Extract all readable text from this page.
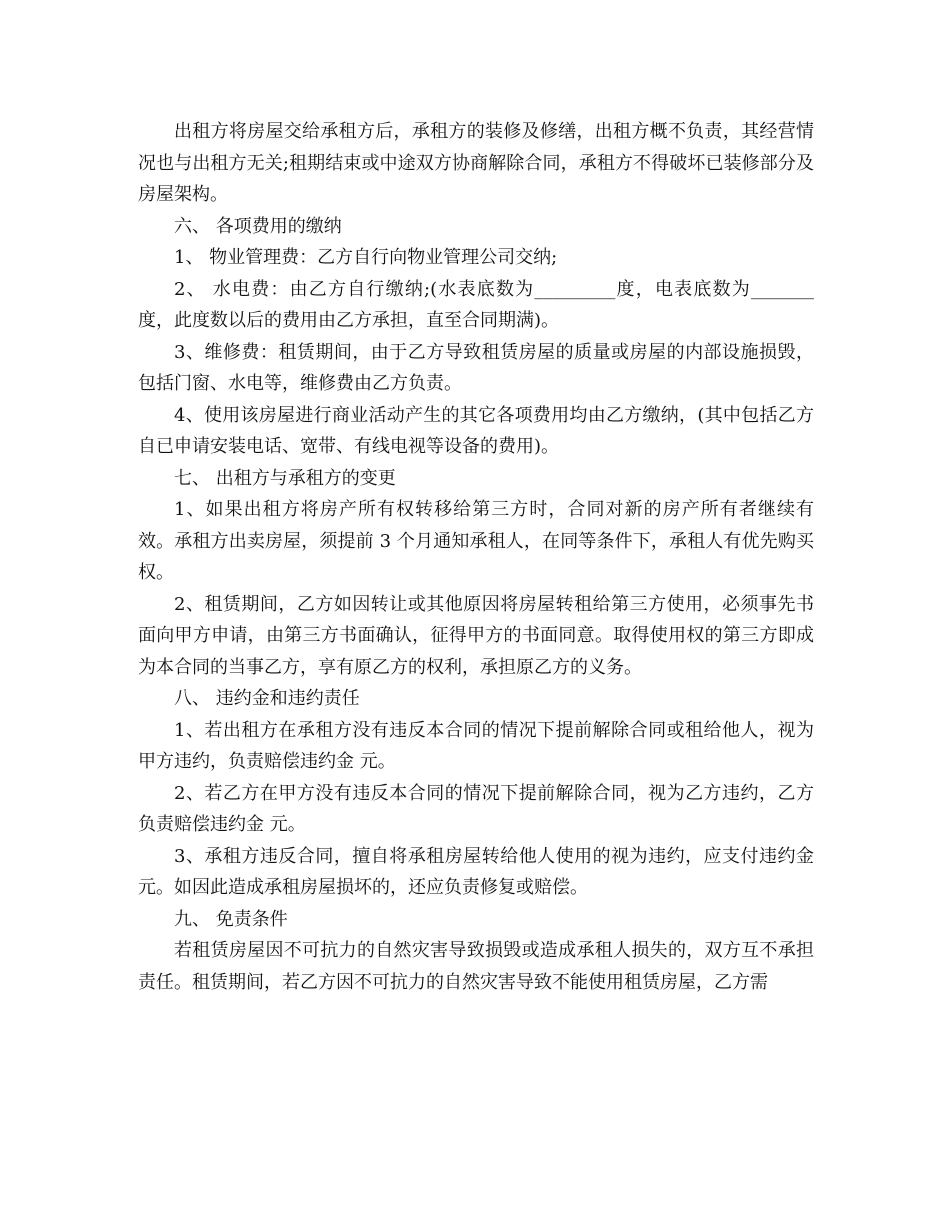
出租方将房屋交给承租方后，承租方的装修及修缮，出租方概不负责，其经营情况也与出租方无关;租期结束或中途双方协商解除合同，承租方不得破坏已装修部分及房屋架构。

六、 各项费用的缴纳

1、 物业管理费：乙方自行向物业管理公司交纳;

2、 水电费：由乙方自行缴纳;(水表底数为_________度，电表底数为_______度，此度数以后的费用由乙方承担，直至合同期满)。

3、维修费：租赁期间，由于乙方导致租赁房屋的质量或房屋的内部设施损毁，包括门窗、水电等，维修费由乙方负责。

4、使用该房屋进行商业活动产生的其它各项费用均由乙方缴纳，(其中包括乙方自已申请安装电话、宽带、有线电视等设备的费用)。

七、 出租方与承租方的变更

1、如果出租方将房产所有权转移给第三方时，合同对新的房产所有者继续有效。承租方出卖房屋，须提前 3 个月通知承租人，在同等条件下，承租人有优先购买权。

2、租赁期间，乙方如因转让或其他原因将房屋转租给第三方使用，必须事先书面向甲方申请，由第三方书面确认，征得甲方的书面同意。取得使用权的第三方即成为本合同的当事乙方，享有原乙方的权利，承担原乙方的义务。

八、 违约金和违约责任

1、若出租方在承租方没有违反本合同的情况下提前解除合同或租给他人，视为甲方违约，负责赔偿违约金 元。

2、若乙方在甲方没有违反本合同的情况下提前解除合同，视为乙方违约，乙方负责赔偿违约金 元。

3、承租方违反合同，擅自将承租房屋转给他人使用的视为违约，应支付违约金 元。如因此造成承租房屋损坏的，还应负责修复或赔偿。

九、 免责条件

若租赁房屋因不可抗力的自然灾害导致损毁或造成承租人损失的，双方互不承担责任。租赁期间，若乙方因不可抗力的自然灾害导致不能使用租赁房屋，乙方需
